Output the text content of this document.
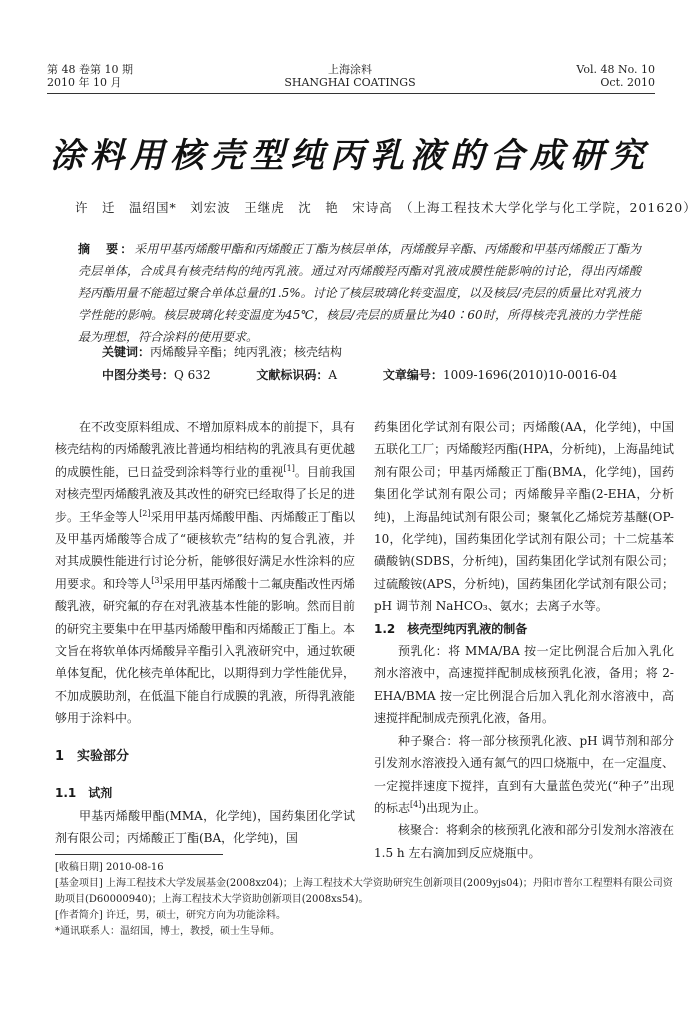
第 48 卷第 10 期
2010 年 10 月
上海涂料
SHANGHAI COATINGS
Vol. 48 No. 10
Oct. 2010
涂料用核壳型纯丙乳液的合成研究
许　迁　温绍国*　刘宏波　王继虎　沈　艳　宋诗高　（上海工程技术大学化学与化工学院，201620）
摘　要：采用甲基丙烯酸甲酯和丙烯酸正丁酯为核层单体，丙烯酸异辛酯、丙烯酸和甲基丙烯酸正丁酯为壳层单体，合成具有核壳结构的纯丙乳液。通过对丙烯酸羟丙酯对乳液成膜性能影响的讨论，得出丙烯酸羟丙酯用量不能超过聚合单体总量的1.5%。讨论了核层玻璃化转变温度，以及核层/壳层的质量比对乳液力学性能的影响。核层玻璃化转变温度为45℃，核层/壳层的质量比为40∶60时，所得核壳乳液的力学性能最为理想，符合涂料的使用要求。
关键词：丙烯酸异辛酯；纯丙乳液；核壳结构
中图分类号：Q 632	文献标识码：A	文章编号：1009-1696(2010)10-0016-04

在不改变原料组成、不增加原料成本的前提下，具有核壳结构的丙烯酸乳液比普通均相结构的乳液具有更优越的成膜性能，已日益受到涂料等行业的重视[1]。目前我国对核壳型丙烯酸乳液及其改性的研究已经取得了长足的进步。王华金等人[2]采用甲基丙烯酸甲酯、丙烯酸正丁酯以及甲基丙烯酸等合成了“硬核软壳”结构的复合乳液，并对其成膜性能进行讨论分析，能够很好满足水性涂料的应用要求。和玲等人[3]采用甲基丙烯酸十二氟庚酯改性丙烯酸乳液，研究氟的存在对乳液基本性能的影响。然而目前的研究主要集中在甲基丙烯酸甲酯和丙烯酸正丁酯上。本文旨在将软单体丙烯酸异辛酯引入乳液研究中，通过软硬单体复配，优化核壳单体配比，以期得到力学性能优异，不加成膜助剂，在低温下能自行成膜的乳液，所得乳液能够用于涂料中。

1　实验部分

1.1　试剂

甲基丙烯酸甲酯(MMA，化学纯)，国药集团化学试剂有限公司；丙烯酸正丁酯(BA，化学纯)，国

药集团化学试剂有限公司；丙烯酸(AA，化学纯)，中国五联化工厂；丙烯酸羟丙酯(HPA，分析纯)，上海晶纯试剂有限公司；甲基丙烯酸正丁酯(BMA，化学纯)，国药集团化学试剂有限公司；丙烯酸异辛酯(2-EHA，分析纯)，上海晶纯试剂有限公司；聚氧化乙烯烷芳基醚(OP-10，化学纯)，国药集团化学试剂有限公司；十二烷基苯磺酸钠(SDBS，分析纯)，国药集团化学试剂有限公司；过硫酸铵(APS，分析纯)，国药集团化学试剂有限公司；pH 调节剂 NaHCO₃、氨水；去离子水等。

1.2　核壳型纯丙乳液的制备

预乳化：将 MMA/BA 按一定比例混合后加入乳化剂水溶液中，高速搅拌配制成核预乳化液，备用；将 2-EHA/BMA 按一定比例混合后加入乳化剂水溶液中，高速搅拌配制成壳预乳化液，备用。

种子聚合：将一部分核预乳化液、pH 调节剂和部分引发剂水溶液投入通有氮气的四口烧瓶中，在一定温度、一定搅拌速度下搅拌，直到有大量蓝色荧光(“种子”出现的标志[4])出现为止。

核聚合：将剩余的核预乳化液和部分引发剂水溶液在 1.5 h 左右滴加到反应烧瓶中。

[收稿日期] 2010-08-16
[基金项目] 上海工程技术大学发展基金(2008xz04)；上海工程技术大学资助研究生创新项目(2009yjs04)；丹阳市普尔工程塑料有限公司资助项目(D60000940)；上海工程技术大学资助创新项目(2008xs54)。
[作者简介] 许迁，男，硕士，研究方向为功能涂料。
*通讯联系人：温绍国，博士，教授，硕士生导师。
